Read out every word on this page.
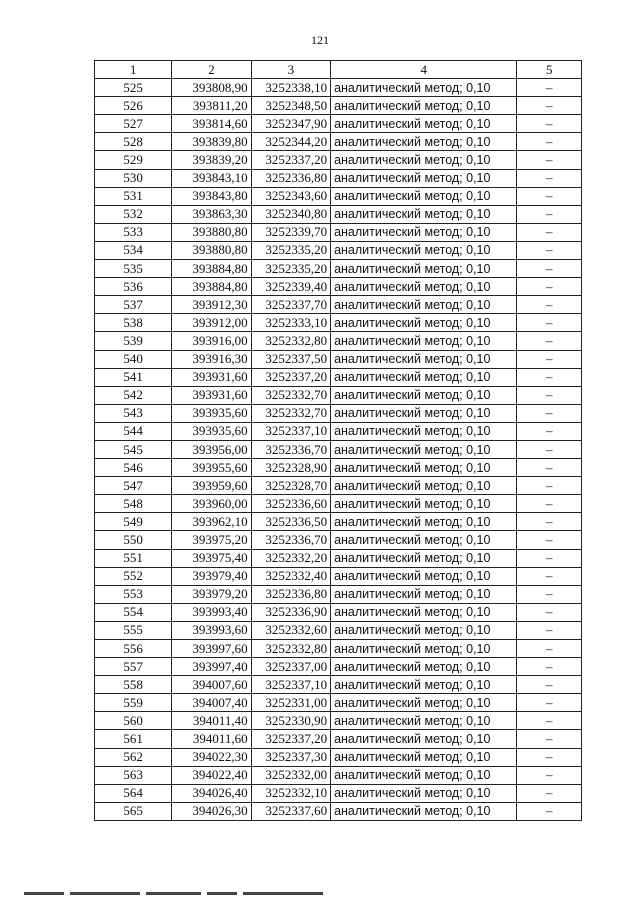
121
1	2	3	4	5
525	393808,90	3252338,10	аналитический метод; 0,10	–
526	393811,20	3252348,50	аналитический метод; 0,10	–
527	393814,60	3252347,90	аналитический метод; 0,10	–
528	393839,80	3252344,20	аналитический метод; 0,10	–
529	393839,20	3252337,20	аналитический метод; 0,10	–
530	393843,10	3252336,80	аналитический метод; 0,10	–
531	393843,80	3252343,60	аналитический метод; 0,10	–
532	393863,30	3252340,80	аналитический метод; 0,10	–
533	393880,80	3252339,70	аналитический метод; 0,10	–
534	393880,80	3252335,20	аналитический метод; 0,10	–
535	393884,80	3252335,20	аналитический метод; 0,10	–
536	393884,80	3252339,40	аналитический метод; 0,10	–
537	393912,30	3252337,70	аналитический метод; 0,10	–
538	393912,00	3252333,10	аналитический метод; 0,10	–
539	393916,00	3252332,80	аналитический метод; 0,10	–
540	393916,30	3252337,50	аналитический метод; 0,10	–
541	393931,60	3252337,20	аналитический метод; 0,10	–
542	393931,60	3252332,70	аналитический метод; 0,10	–
543	393935,60	3252332,70	аналитический метод; 0,10	–
544	393935,60	3252337,10	аналитический метод; 0,10	–
545	393956,00	3252336,70	аналитический метод; 0,10	–
546	393955,60	3252328,90	аналитический метод; 0,10	–
547	393959,60	3252328,70	аналитический метод; 0,10	–
548	393960,00	3252336,60	аналитический метод; 0,10	–
549	393962,10	3252336,50	аналитический метод; 0,10	–
550	393975,20	3252336,70	аналитический метод; 0,10	–
551	393975,40	3252332,20	аналитический метод; 0,10	–
552	393979,40	3252332,40	аналитический метод; 0,10	–
553	393979,20	3252336,80	аналитический метод; 0,10	–
554	393993,40	3252336,90	аналитический метод; 0,10	–
555	393993,60	3252332,60	аналитический метод; 0,10	–
556	393997,60	3252332,80	аналитический метод; 0,10	–
557	393997,40	3252337,00	аналитический метод; 0,10	–
558	394007,60	3252337,10	аналитический метод; 0,10	–
559	394007,40	3252331,00	аналитический метод; 0,10	–
560	394011,40	3252330,90	аналитический метод; 0,10	–
561	394011,60	3252337,20	аналитический метод; 0,10	–
562	394022,30	3252337,30	аналитический метод; 0,10	–
563	394022,40	3252332,00	аналитический метод; 0,10	–
564	394026,40	3252332,10	аналитический метод; 0,10	–
565	394026,30	3252337,60	аналитический метод; 0,10	–
